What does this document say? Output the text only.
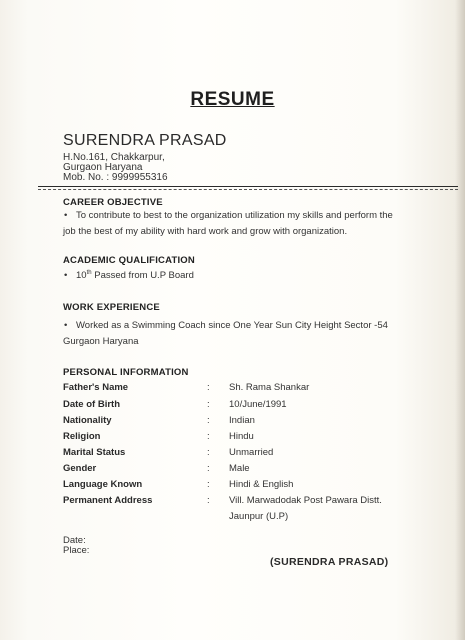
RESUME
SURENDRA PRASAD
H.No.161, Chakkarpur,
Gurgaon Haryana
Mob. No. : 9999955316
CAREER OBJECTIVE
• To contribute to best to the organization utilization my skills and perform the
job the best of my ability with hard work and grow with organization.
ACADEMIC QUALIFICATION
• 10th Passed from U.P Board
WORK EXPERIENCE
• Worked as a Swimming Coach since One Year Sun City Height Sector -54
Gurgaon Haryana
PERSONAL INFORMATION
Father's Name	: Sh. Rama Shankar
Date of Birth	: 10/June/1991
Nationality	: Indian
Religion	: Hindu
Marital Status	: Unmarried
Gender	: Male
Language Known	: Hindi & English
Permanent Address	: Vill. Marwadodak Post Pawara Distt.
Jaunpur (U.P)
Date:
Place:
(SURENDRA PRASAD)
